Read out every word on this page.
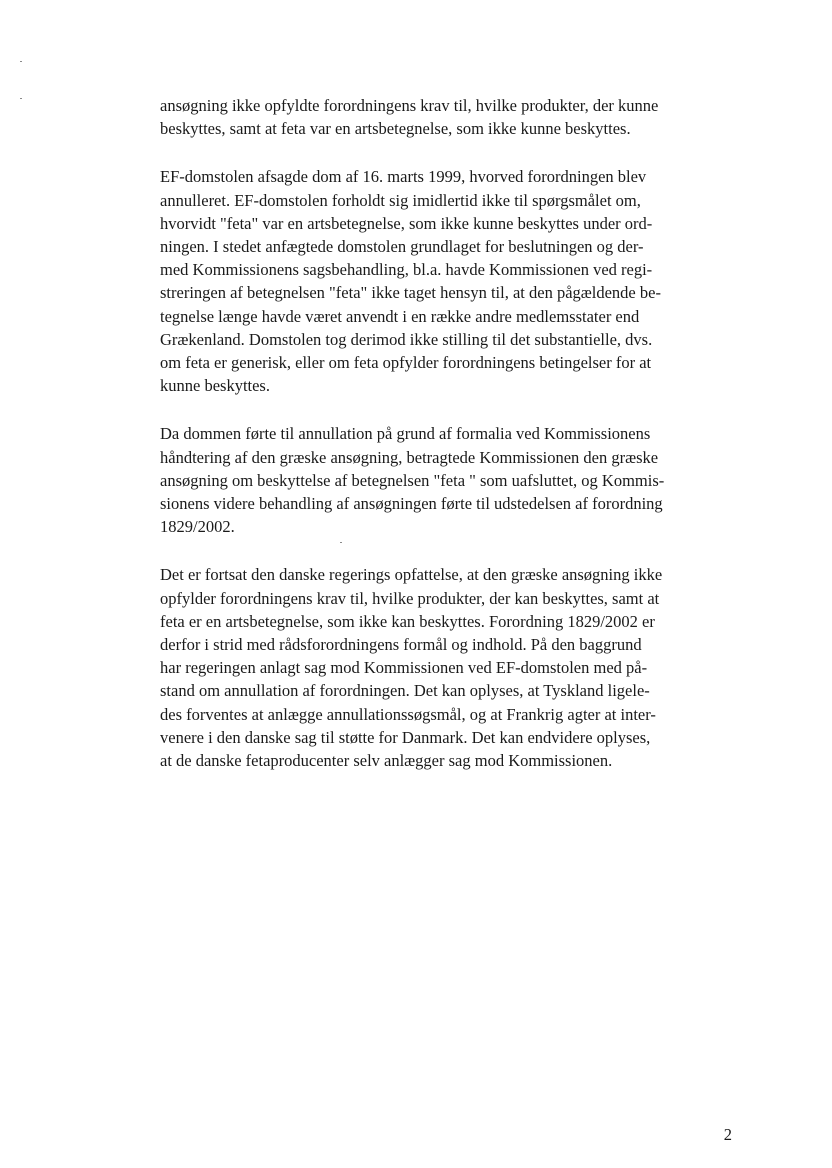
ansøgning ikke opfyldte forordningens krav til, hvilke produkter, der kunne
beskyttes, samt at feta var en artsbetegnelse, som ikke kunne beskyttes.

EF-domstolen afsagde dom af 16. marts 1999, hvorved forordningen blev
annulleret. EF-domstolen forholdt sig imidlertid ikke til spørgsmålet om,
hvorvidt "feta" var en artsbetegnelse, som ikke kunne beskyttes under ord-
ningen. I stedet anfægtede domstolen grundlaget for beslutningen og der-
med Kommissionens sagsbehandling, bl.a. havde Kommissionen ved regi-
streringen af betegnelsen "feta" ikke taget hensyn til, at den pågældende be-
tegnelse længe havde været anvendt i en række andre medlemsstater end
Grækenland. Domstolen tog derimod ikke stilling til det substantielle, dvs.
om feta er generisk, eller om feta opfylder forordningens betingelser for at
kunne beskyttes.

Da dommen førte til annullation på grund af formalia ved Kommissionens
håndtering af den græske ansøgning, betragtede Kommissionen den græske
ansøgning om beskyttelse af betegnelsen "feta " som uafsluttet, og Kommis-
sionens videre behandling af ansøgningen førte til udstedelsen af forordning
1829/2002.

Det er fortsat den danske regerings opfattelse, at den græske ansøgning ikke
opfylder forordningens krav til, hvilke produkter, der kan beskyttes, samt at
feta er en artsbetegnelse, som ikke kan beskyttes. Forordning 1829/2002 er
derfor i strid med rådsforordningens formål og indhold. På den baggrund
har regeringen anlagt sag mod Kommissionen ved EF-domstolen med på-
stand om annullation af forordningen. Det kan oplyses, at Tyskland ligele-
des forventes at anlægge annullationssøgsmål, og at Frankrig agter at inter-
venere i den danske sag til støtte for Danmark. Det kan endvidere oplyses,
at de danske fetaproducenter selv anlægger sag mod Kommissionen.

2
